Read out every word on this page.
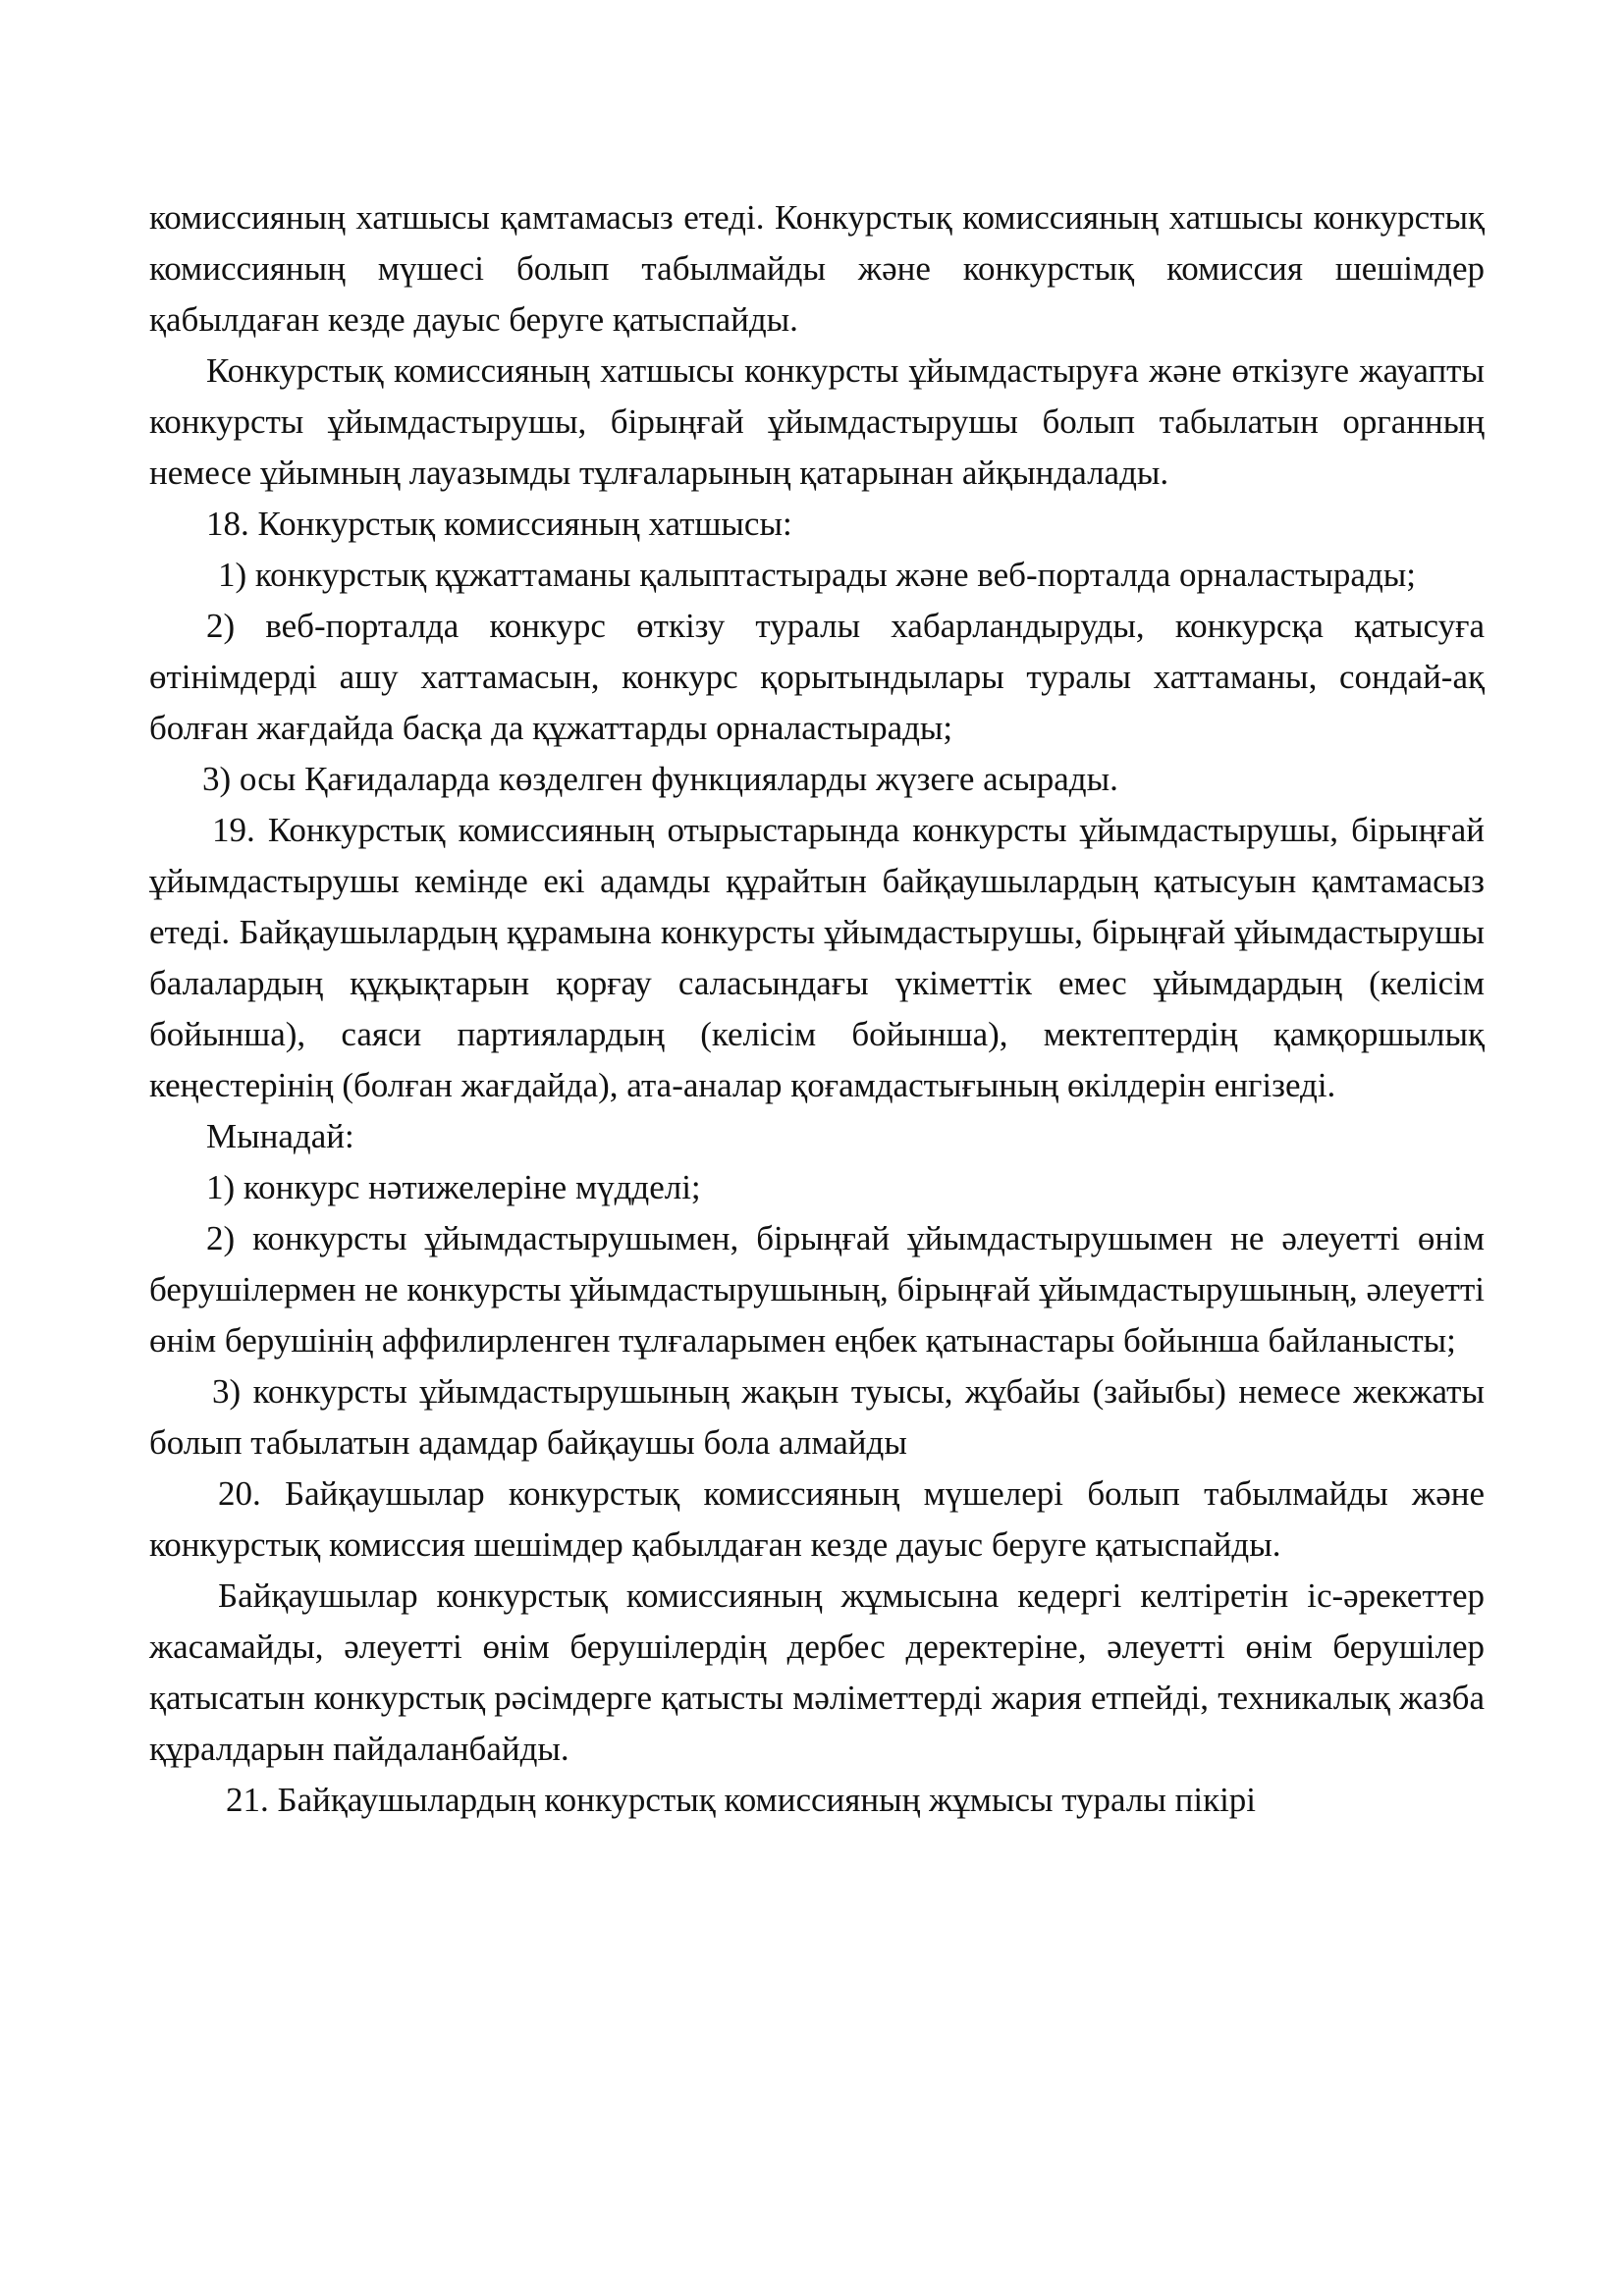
комиссияның хатшысы қамтамасыз етеді. Конкурстық комиссияның хатшысы конкурстық комиссияның мүшесі болып табылмайды және конкурстық комиссия шешімдер қабылдаған кезде дауыс беруге қатыспайды.

Конкурстық комиссияның хатшысы конкурсты ұйымдастыруға және өткізуге жауапты конкурсты ұйымдастырушы, бірыңғай ұйымдастырушы болып табылатын органның немесе ұйымның лауазымды тұлғаларының қатарынан айқындалады.

18. Конкурстық комиссияның хатшысы:

1) конкурстық құжаттаманы қалыптастырады және веб-порталда орналастырады;

2) веб-порталда конкурс өткізу туралы хабарландыруды, конкурсқа қатысуға өтінімдерді ашу хаттамасын, конкурс қорытындылары туралы хаттаманы, сондай-ақ болған жағдайда басқа да құжаттарды орналастырады;

3) осы Қағидаларда көзделген функцияларды жүзеге асырады.

19. Конкурстық комиссияның отырыстарында конкурсты ұйымдастырушы, бірыңғай ұйымдастырушы кемінде екі адамды құрайтын байқаушылардың қатысуын қамтамасыз етеді. Байқаушылардың құрамына конкурсты ұйымдастырушы, бірыңғай ұйымдастырушы балалардың құқықтарын қорғау саласындағы үкіметтік емес ұйымдардың (келісім бойынша), саяси партиялардың (келісім бойынша), мектептердің қамқоршылық кеңестерінің (болған жағдайда), ата-аналар қоғамдастығының өкілдерін енгізеді.

Мынадай:

1) конкурс нәтижелеріне мүдделі;

2) конкурсты ұйымдастырушымен, бірыңғай ұйымдастырушымен не әлеуетті өнім берушілермен не конкурсты ұйымдастырушының, бірыңғай ұйымдастырушының, әлеуетті өнім берушінің аффилирленген тұлғаларымен еңбек қатынастары бойынша байланысты;

3) конкурсты ұйымдастырушының жақын туысы, жұбайы (зайыбы) немесе жекжаты болып табылатын адамдар байқаушы бола алмайды

20. Байқаушылар конкурстық комиссияның мүшелері болып табылмайды және конкурстық комиссия шешімдер қабылдаған кезде дауыс беруге қатыспайды.

Байқаушылар конкурстық комиссияның жұмысына кедергі келтіретін іс-әрекеттер жасамайды, әлеуетті өнім берушілердің дербес деректеріне, әлеуетті өнім берушілер қатысатын конкурстық рәсімдерге қатысты мәліметтерді жария етпейді, техникалық жазба құралдарын пайдаланбайды.

21. Байқаушылардың конкурстық комиссияның жұмысы туралы пікірі
